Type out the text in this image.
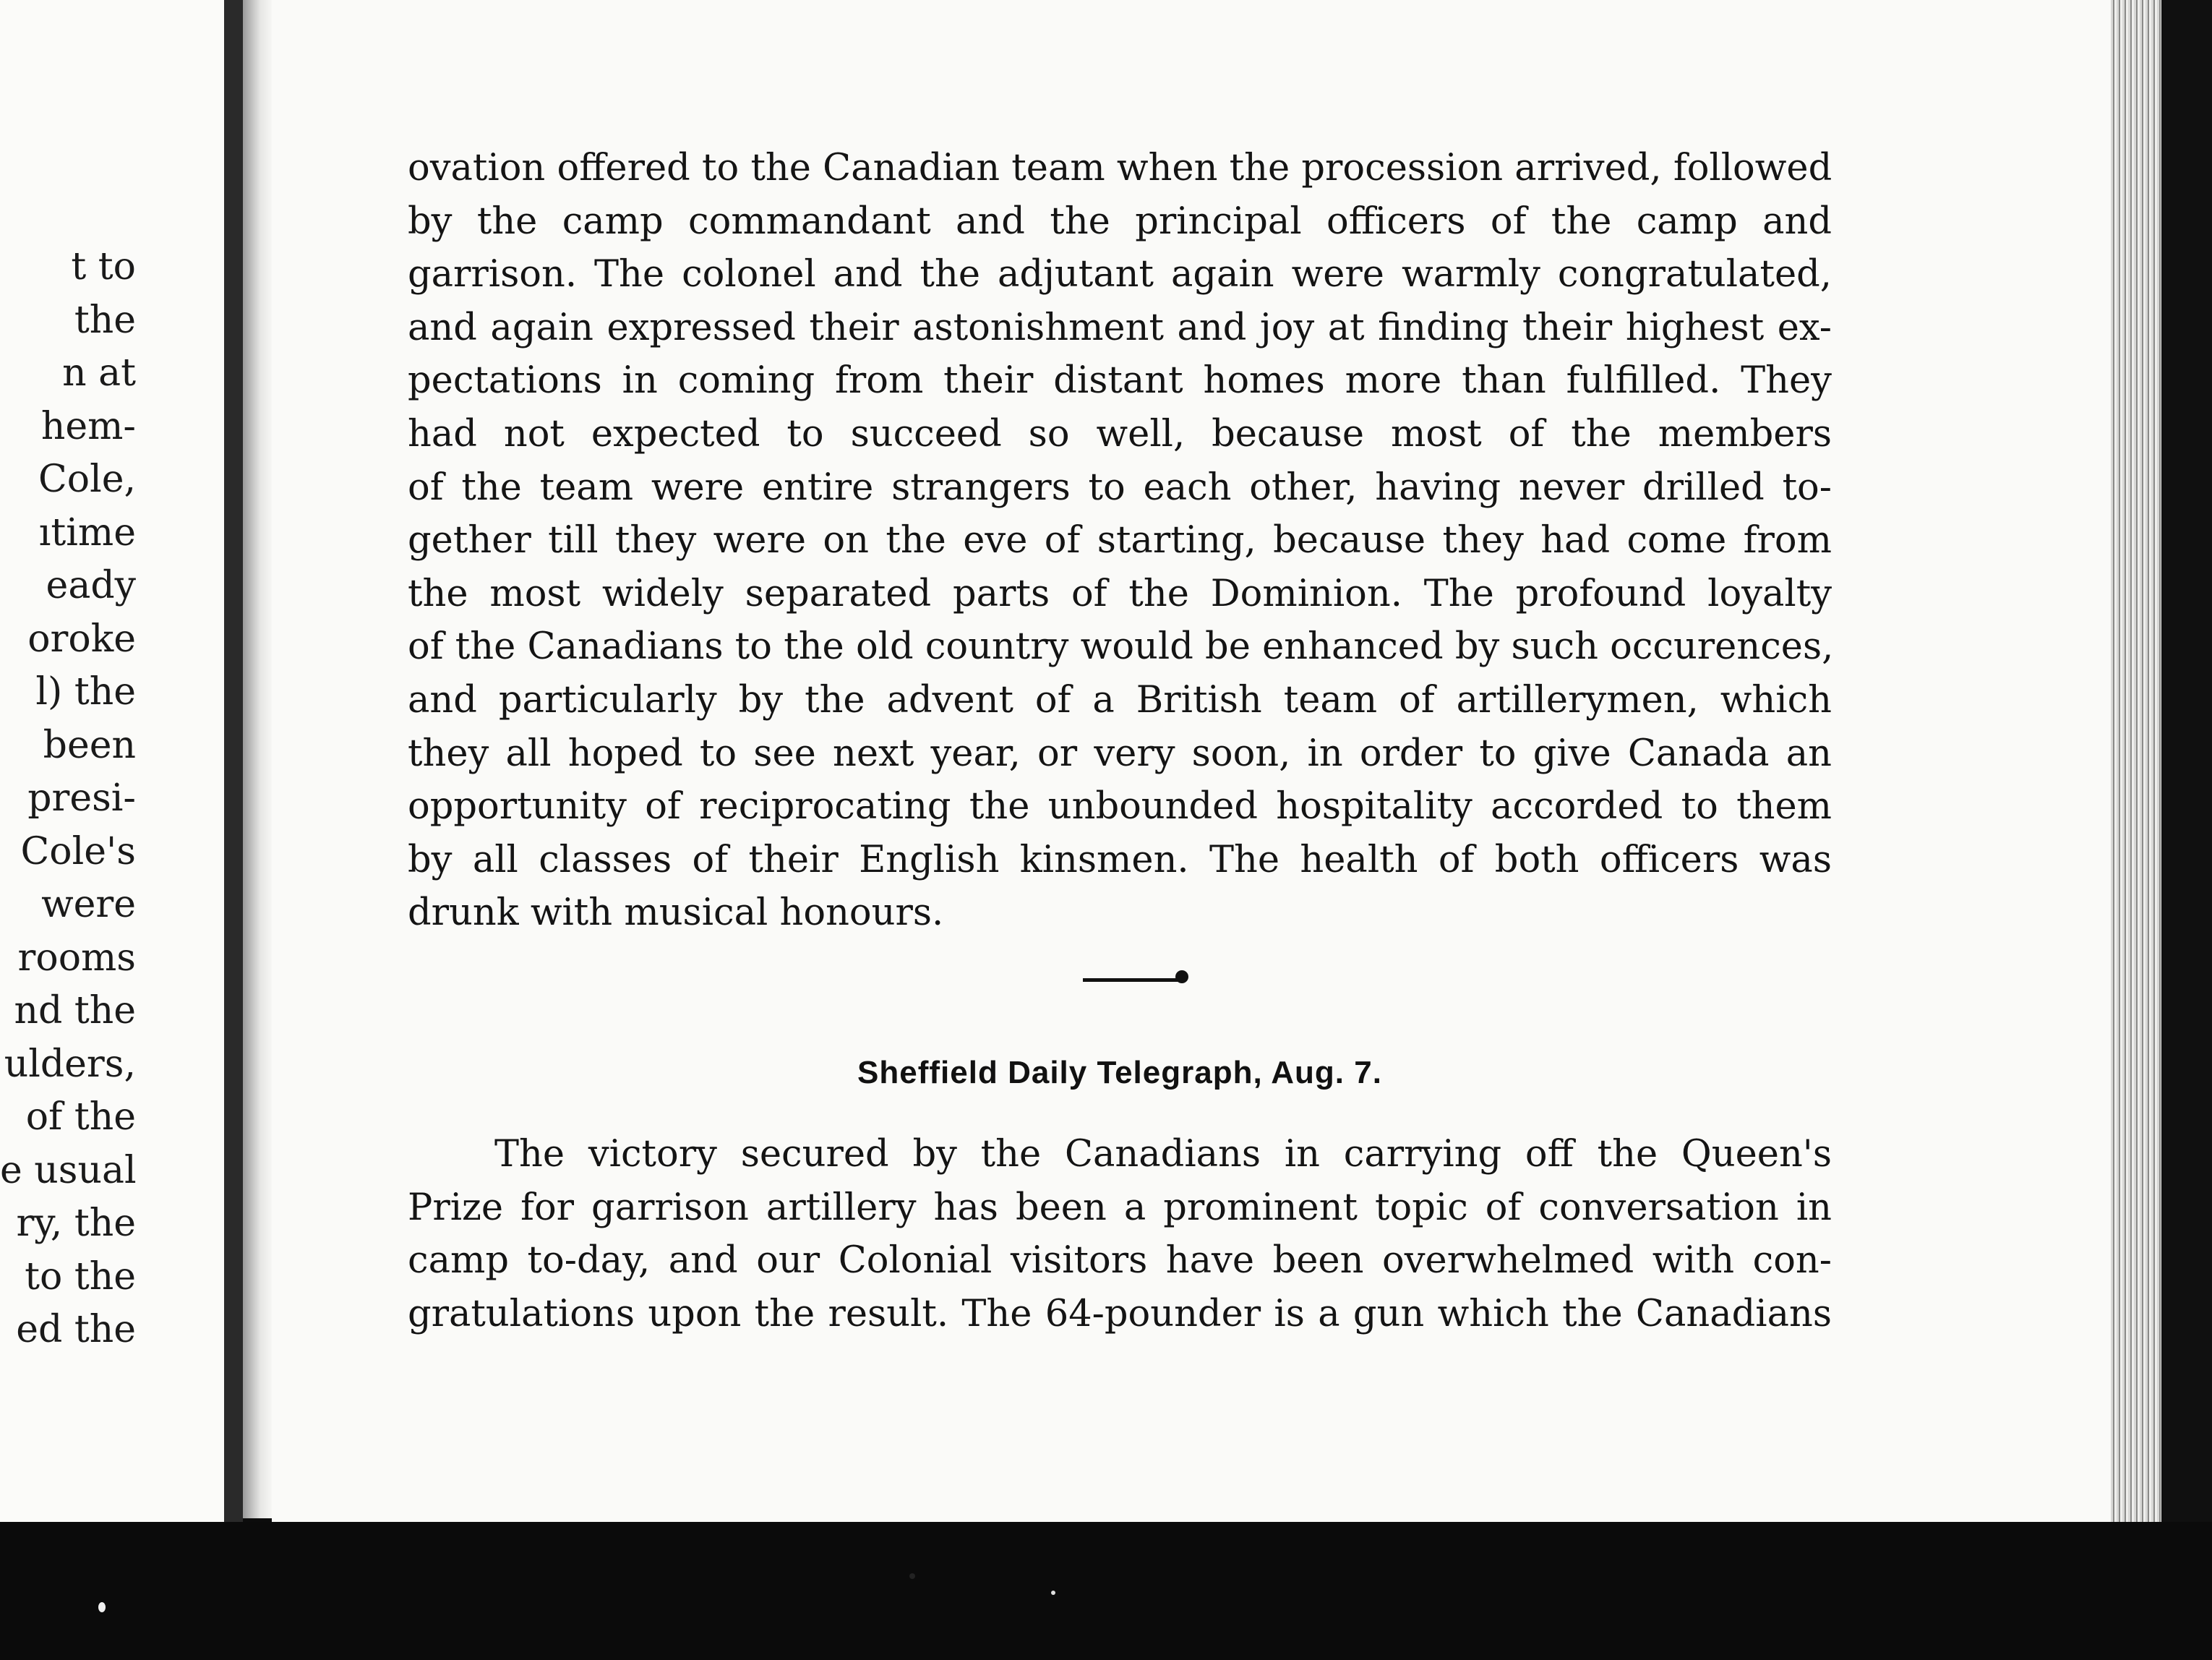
t to
the
n at
hem-
Cole,
ıtime
eady
oroke
l) the
been
presi-
Cole's
were
rooms
nd the
ulders,
of the
e usual
ry, the
to the
ed the
ovation offered to the Canadian team when the procession arrived, followed
by the camp commandant and the principal officers of the camp and
garrison. The colonel and the adjutant again were warmly congratulated,
and again expressed their astonishment and joy at finding their highest ex-
pectations in coming from their distant homes more than fulfilled. They
had not expected to succeed so well, because most of the members
of the team were entire strangers to each other, having never drilled to-
gether till they were on the eve of starting, because they had come from
the most widely separated parts of the Dominion. The profound loyalty
of the Canadians to the old country would be enhanced by such occurences,
and particularly by the advent of a British team of artillerymen, which
they all hoped to see next year, or very soon, in order to give Canada an
opportunity of reciprocating the unbounded hospitality accorded to them
by all classes of their English kinsmen. The health of both officers was
drunk with musical honours.
Sheffield Daily Telegraph, Aug. 7.
The victory secured by the Canadians in carrying off the Queen's
Prize for garrison artillery has been a prominent topic of conversation in
camp to-day, and our Colonial visitors have been overwhelmed with con-
gratulations upon the result. The 64-pounder is a gun which the Canadians
